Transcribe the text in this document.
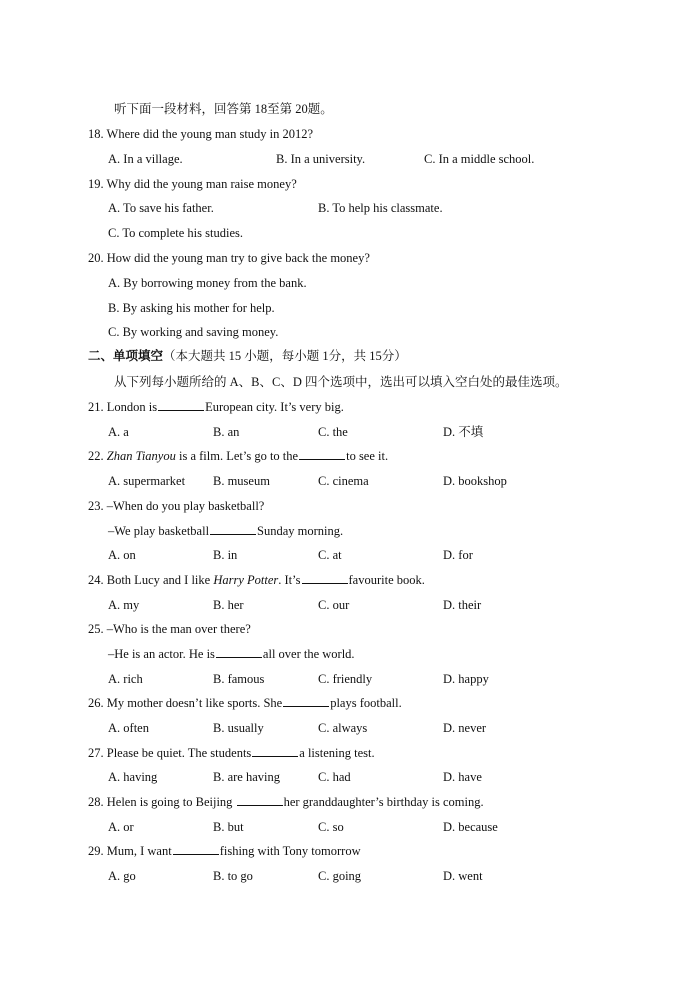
听下面一段材料，回答第 18至第 20题。
18. Where did the young man study in 2012?
A. In a village.	B. In a university.	C. In a middle school.
19. Why did the young man raise money?
A. To save his father.	B. To help his classmate.
C. To complete his studies.
20. How did the young man try to give back the money?
A. By borrowing money from the bank.
B. By asking his mother for help.
C. By working and saving money.
二、单项填空（本大题共 15 小题，每小题 1分，共 15分）
从下列每小题所给的 A、B、C、D 四个选项中，选出可以填入空白处的最佳选项。
21. London is	European city. It’s very big.
A. a	B. an	C. the	D. 不填
22. Zhan Tianyou is a film. Let’s go to the	to see it.
A. supermarket B. museum	C. cinema	D. bookshop
23. –When do you play basketball?
–We play basketball	Sunday morning.
A. on	B. in	C. at	D. for
24. Both Lucy and I like Harry Potter. It’s	favourite book.
A. my	B. her	C. our	D. their
25. –Who is the man over there?
–He is an actor. He is	all over the world.
A. rich	B. famous	C. friendly	D. happy
26. My mother doesn’t like sports. She	plays football.
A. often	B. usually	C. always	D. never
27. Please be quiet. The students	a listening test.
A. having	B. are having	C. had	D. have
28. Helen is going to Beijing	her granddaughter’s birthday is coming.
A. or	B. but	C. so	D. because
29. Mum, I want	fishing with Tony tomorrow
A. go	B. to go	C. going	D. went
